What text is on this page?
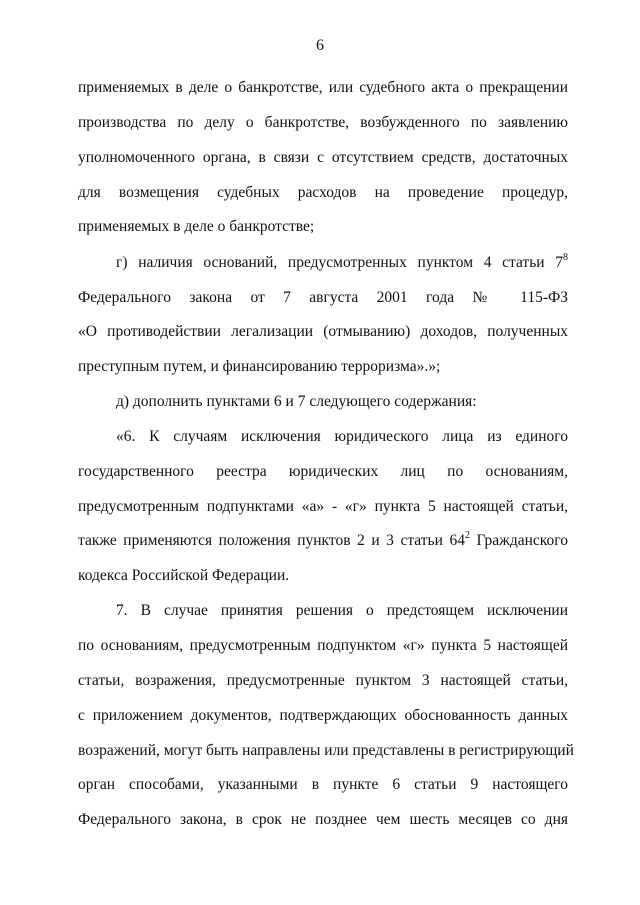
6
применяемых в деле о банкротстве, или судебного акта о прекращении
производства по делу о банкротстве, возбужденного по заявлению
уполномоченного органа, в связи с отсутствием средств, достаточных
для возмещения судебных расходов на проведение процедур,
применяемых в деле о банкротстве;
г) наличия оснований, предусмотренных пунктом 4 статьи $7^8$
Федерального закона от 7 августа 2001 года № 115-ФЗ
«О противодействии легализации (отмыванию) доходов, полученных
преступным путем, и финансированию терроризма».»;
д) дополнить пунктами 6 и 7 следующего содержания:
«6. К случаям исключения юридического лица из единого
государственного реестра юридических лиц по основаниям,
предусмотренным подпунктами «а» - «г» пункта 5 настоящей статьи,
также применяются положения пунктов 2 и 3 статьи $64^2$ Гражданского
кодекса Российской Федерации.
7. В случае принятия решения о предстоящем исключении
по основаниям, предусмотренным подпунктом «г» пункта 5 настоящей
статьи, возражения, предусмотренные пунктом 3 настоящей статьи,
с приложением документов, подтверждающих обоснованность данных
возражений, могут быть направлены или представлены в регистрирующий
орган способами, указанными в пункте 6 статьи 9 настоящего
Федерального закона, в срок не позднее чем шесть месяцев со дня
